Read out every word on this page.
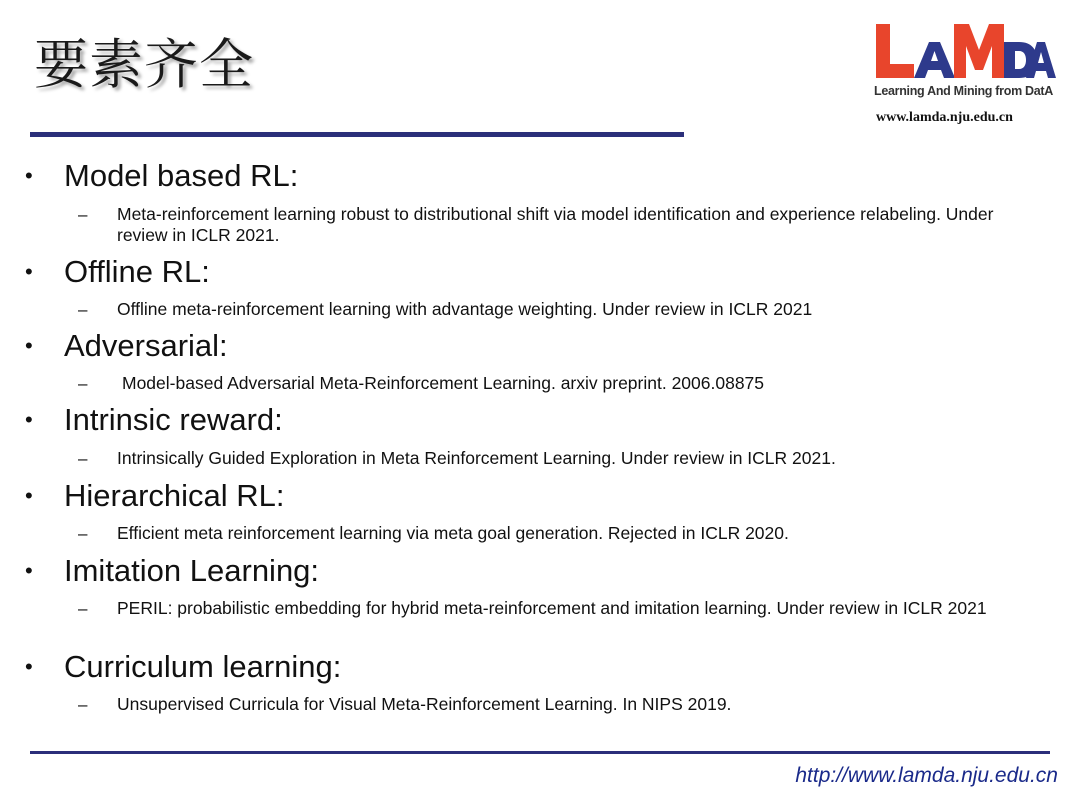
要素齐全	Learning And Mining from DatA
www.lamda.nju.edu.cn
• Model based RL:
– Meta-reinforcement learning robust to distributional shift via model identification and experience relabeling. Under review in ICLR 2021.
• Offline RL:
– Offline meta-reinforcement learning with advantage weighting. Under review in ICLR 2021
• Adversarial:
– Model-based Adversarial Meta-Reinforcement Learning. arxiv preprint. 2006.08875
• Intrinsic reward:
– Intrinsically Guided Exploration in Meta Reinforcement Learning. Under review in ICLR 2021.
• Hierarchical RL:
– Efficient meta reinforcement learning via meta goal generation. Rejected in ICLR 2020.
• Imitation Learning:
– PERIL: probabilistic embedding for hybrid meta-reinforcement and imitation learning. Under review in ICLR 2021
• Curriculum learning:
– Unsupervised Curricula for Visual Meta-Reinforcement Learning. In NIPS 2019.
http://www.lamda.nju.edu.cn
